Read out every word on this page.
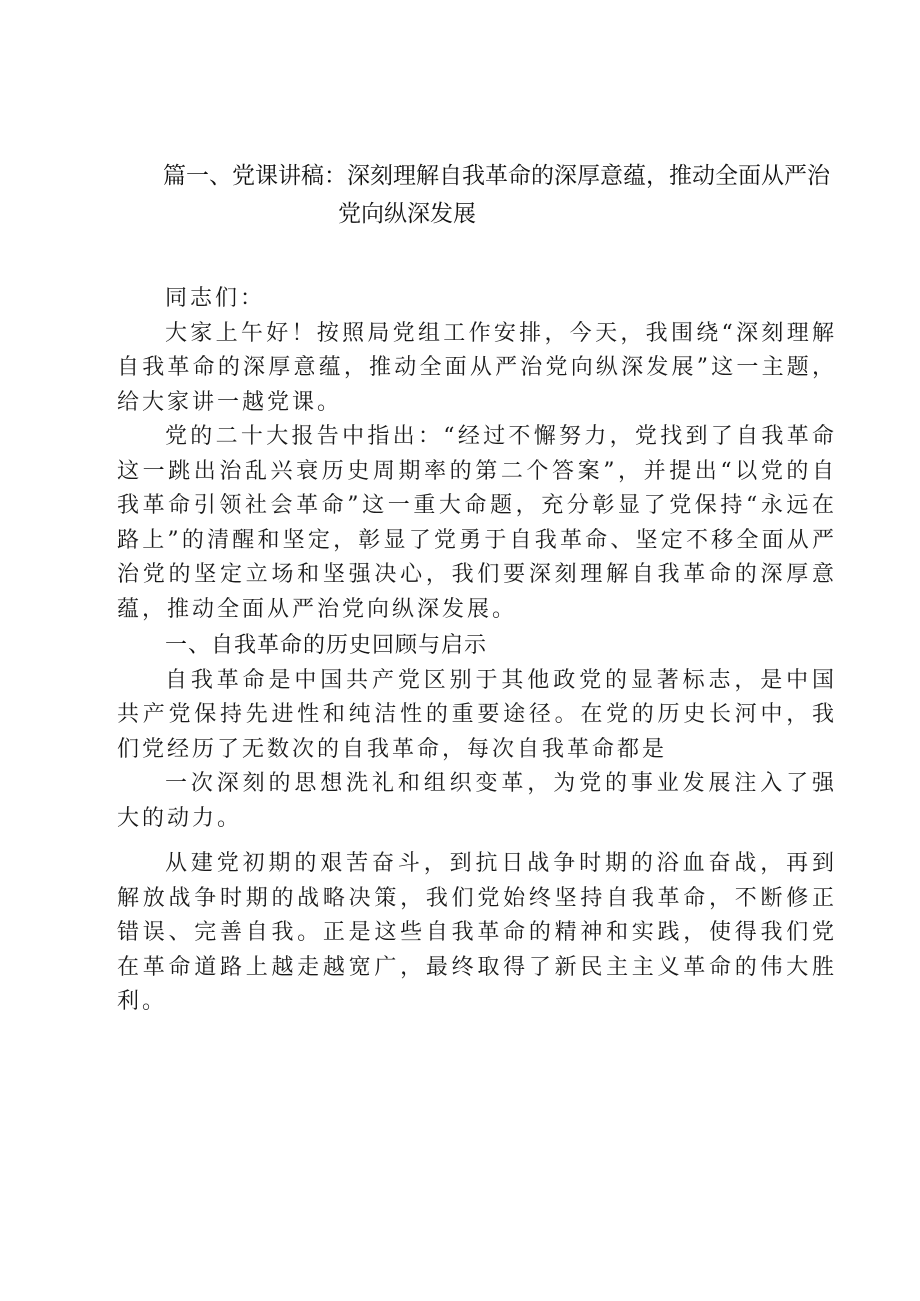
篇一、党课讲稿：深刻理解自我革命的深厚意蕴，推动全面从严治
党向纵深发展

同志们：

大家上午好！按照局党组工作安排，今天，我围绕“深刻理解自我革命的深厚意蕴，推动全面从严治党向纵深发展”这一主题，给大家讲一越党课。

党的二十大报告中指出：“经过不懈努力，党找到了自我革命这一跳出治乱兴衰历史周期率的第二个答案”，并提出“以党的自我革命引领社会革命”这一重大命题，充分彰显了党保持“永远在路上”的清醒和坚定，彰显了党勇于自我革命、坚定不移全面从严治党的坚定立场和坚强决心，我们要深刻理解自我革命的深厚意蕴，推动全面从严治党向纵深发展。

一、自我革命的历史回顾与启示

自我革命是中国共产党区别于其他政党的显著标志，是中国共产党保持先进性和纯洁性的重要途径。在党的历史长河中，我们党经历了无数次的自我革命，每次自我革命都是

一次深刻的思想洗礼和组织变革，为党的事业发展注入了强大的动力。

从建党初期的艰苦奋斗，到抗日战争时期的浴血奋战，再到解放战争时期的战略决策，我们党始终坚持自我革命，不断修正错误、完善自我。正是这些自我革命的精神和实践，使得我们党在革命道路上越走越宽广，最终取得了新民主主义革命的伟大胜利。
